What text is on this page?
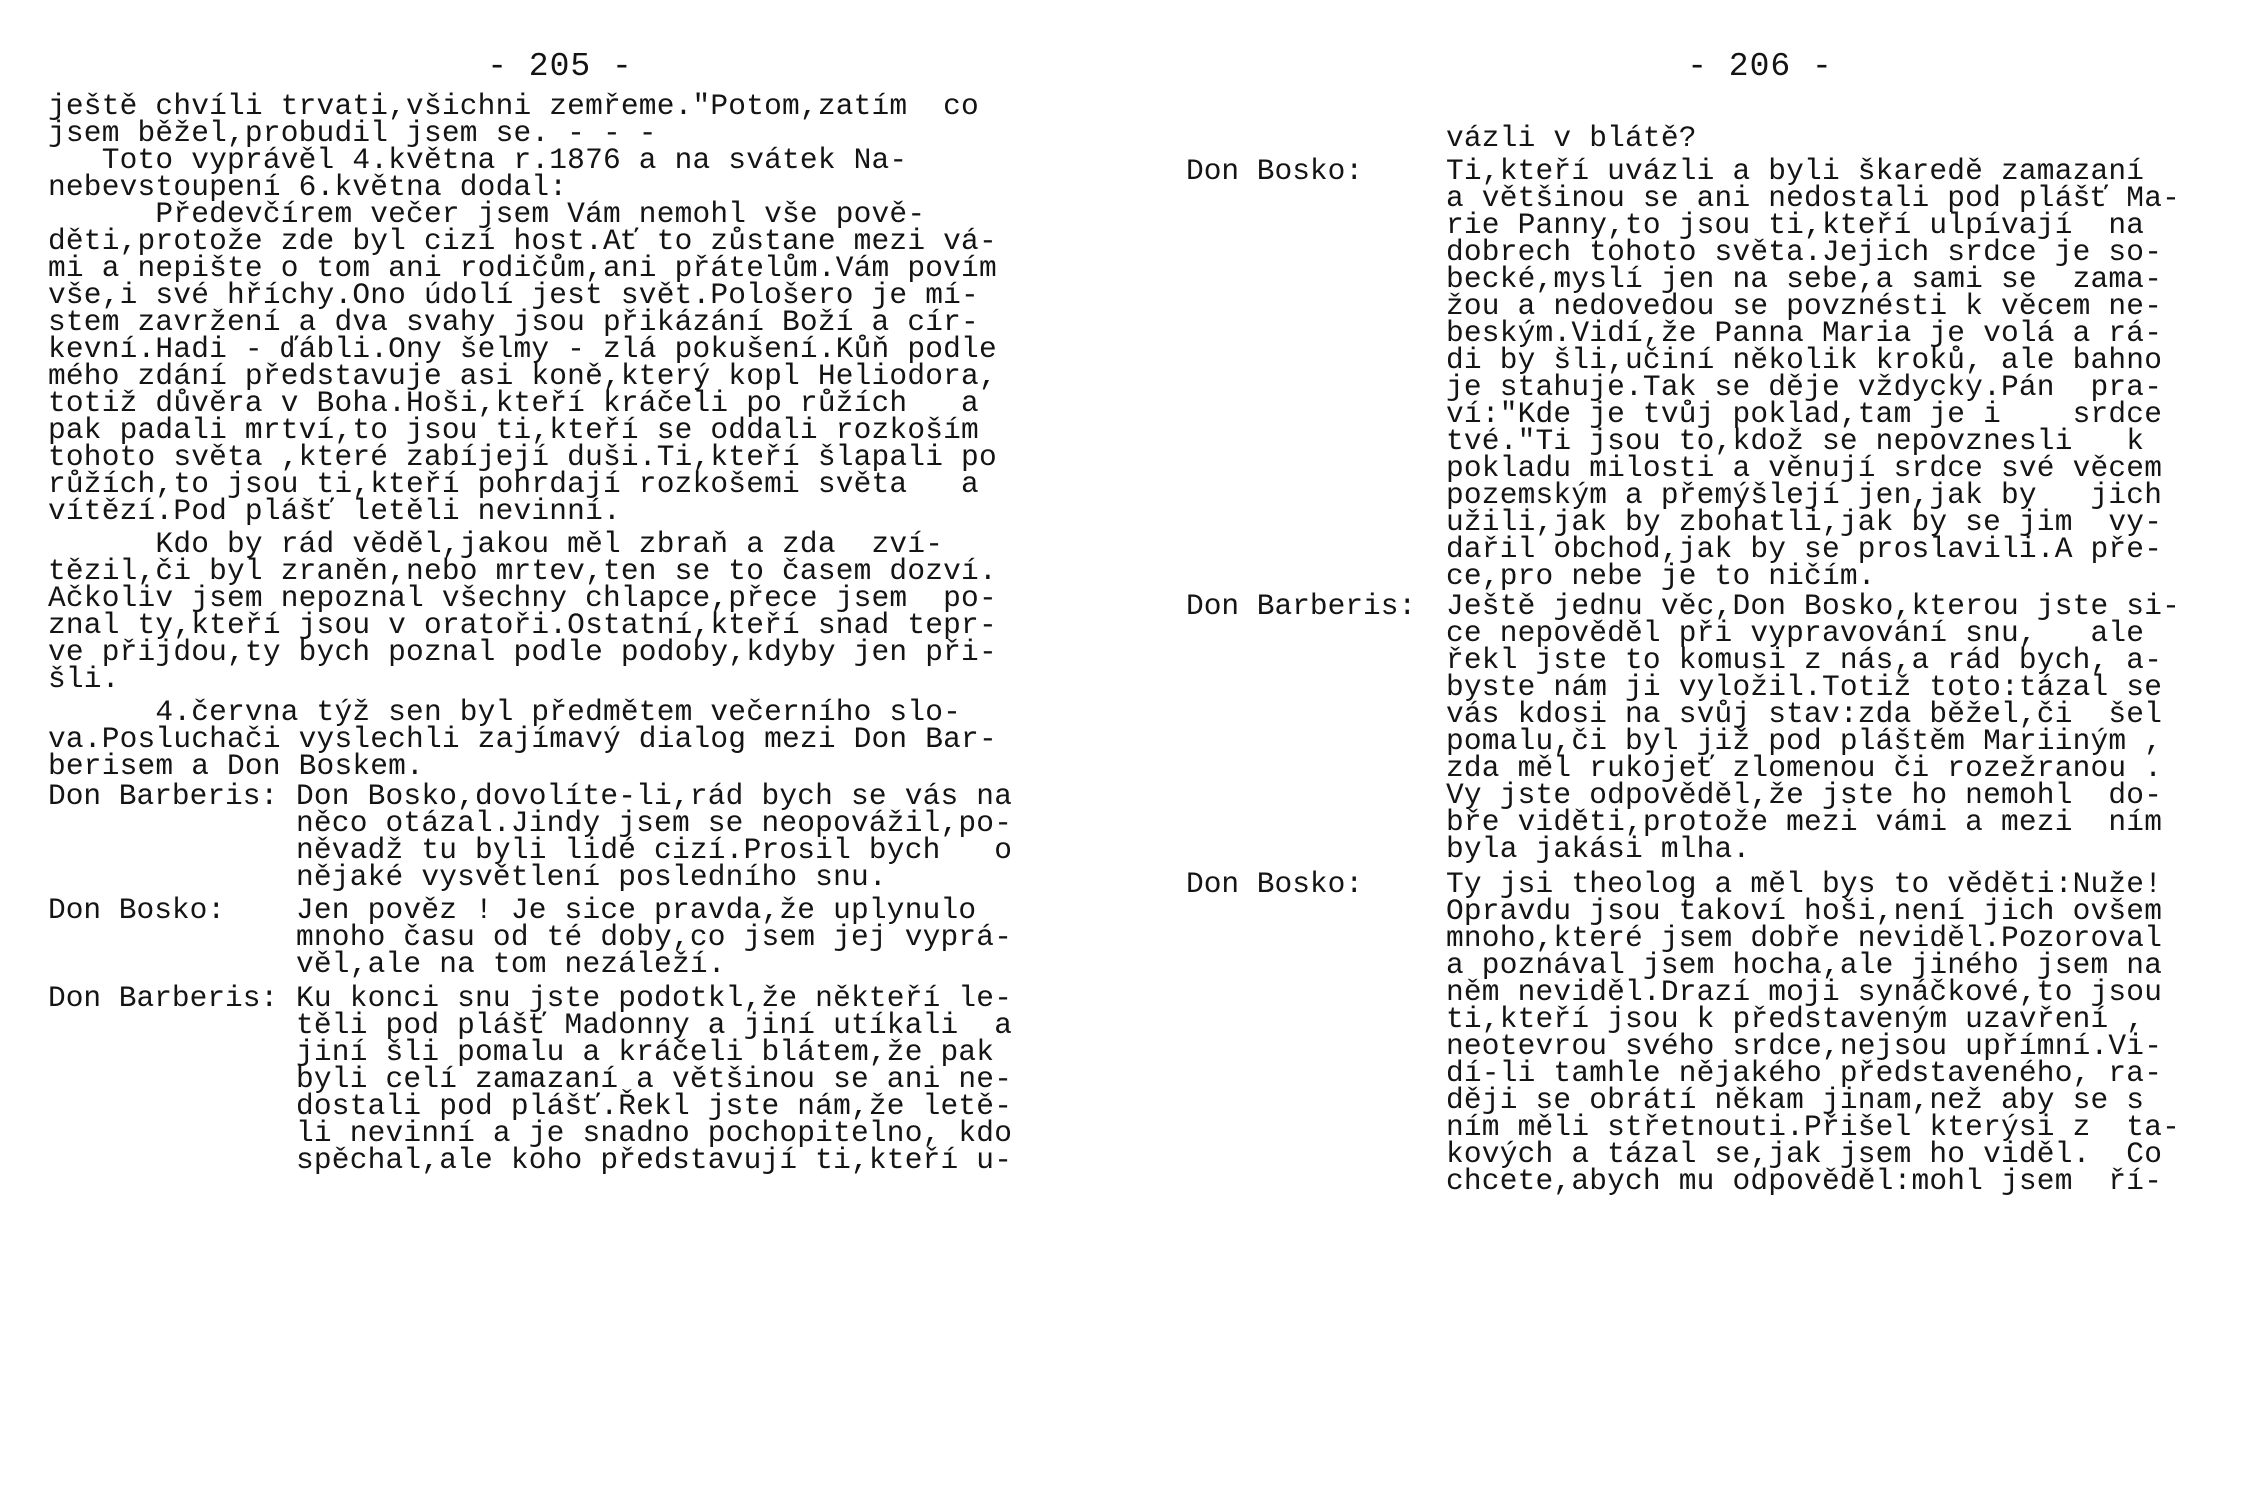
- 205 -
ještě chvíli trvati,všichni zemřeme."Potom,zatím  co
jsem běžel,probudil jsem se. - - -
Toto vyprávěl 4.května r.1876 a na svátek Na-
nebevstoupení 6.května dodal:
Předevčírem večer jsem Vám nemohl vše pově-
děti,protože zde byl cizí host.Ať to zůstane mezi vá-
mi a nepište o tom ani rodičům,ani přátelům.Vám povím
vše,i své hříchy.Ono údolí jest svět.Pološero je mí-
stem zavržení a dva svahy jsou přikázání Boží a cír-
kevní.Hadi - ďábli.Ony šelmy - zlá pokušení.Kůň podle
mého zdání představuje asi koně,který kopl Heliodora,
totiž důvěra v Boha.Hoši,kteří kráčeli po růžích   a
pak padali mrtví,to jsou ti,kteří se oddali rozkoším
tohoto světa ,které zabíjejí duši.Ti,kteří šlapali po
růžích,to jsou ti,kteří pohrdají rozkošemi světa   a
vítězí.Pod plášť letěli nevinní.
Kdo by rád věděl,jakou měl zbraň a zda  zví-
tězil,či byl zraněn,nebo mrtev,ten se to časem dozví.
Ačkoliv jsem nepoznal všechny chlapce,přece jsem  po-
znal ty,kteří jsou v oratoři.Ostatní,kteří snad tepr-
ve přijdou,ty bych poznal podle podoby,kdyby jen při-
šli.
4.června týž sen byl předmětem večerního slo-
va.Posluchači vyslechli zajímavý dialog mezi Don Bar-
berisem a Don Boskem.
Don Barberis: Don Bosko,dovolíte-li,rád bych se vás na
něco otázal.Jindy jsem se neopovážil,po-
něvadž tu byli lidé cizí.Prosil bych   o
nějaké vysvětlení posledního snu.
Don Bosko: Jen pověz ! Je sice pravda,že uplynulo
mnoho času od té doby,co jsem jej vyprá-
věl,ale na tom nezáleží.
Don Barberis: Ku konci snu jste podotkl,že někteří le-
těli pod plášť Madonny a jiní utíkali  a
jiní šli pomalu a kráčeli blátem,že pak
byli celí zamazaní a většinou se ani ne-
dostali pod plášť.Řekl jste nám,že letě-
li nevinní a je snadno pochopitelno, kdo
spěchal,ale koho představují ti,kteří u-
- 206 -
vázli v blátě?
Don Bosko:	Ti,kteří uvázli a byli škaredě zamazaní
a většinou se ani nedostali pod plášť Ma-
rie Panny,to jsou ti,kteří ulpívají  na
dobrech tohoto světa.Jejich srdce je so-
becké,myslí jen na sebe,a sami se  zama-
žou a nedovedou se povznésti k věcem ne-
beským.Vidí,že Panna Maria je volá a rá-
di by šli,učiní několik kroků, ale bahno
je stahuje.Tak se děje vždycky.Pán  pra-
ví:"Kde je tvůj poklad,tam je i    srdce
tvé."Ti jsou to,kdož se nepovznesli   k
pokladu milosti a věnují srdce své věcem
pozemským a přemýšlejí jen,jak by   jich
užili,jak by zbohatli,jak by se jim  vy-
dařil obchod,jak by se proslavili.A pře-
ce,pro nebe je to ničím.
Don Barberis: Ještě jednu věc,Don Bosko,kterou jste si-
ce nepověděl při vypravování snu,   ale
řekl jste to komusi z nás,a rád bych, a-
byste nám ji vyložil.Totiž toto:tázal se
vás kdosi na svůj stav:zda běžel,či  šel
pomalu,či byl již pod pláštěm Mariiným ,
zda měl rukojeť zlomenou či rozežranou .
Vy jste odpověděl,že jste ho nemohl  do-
bře viděti,protože mezi vámi a mezi  ním
byla jakási mlha.
Don Bosko:	Ty jsi theolog a měl bys to věděti:Nuže!
Opravdu jsou takoví hoši,není jich ovšem
mnoho,které jsem dobře neviděl.Pozoroval
a poznával jsem hocha,ale jiného jsem na
něm neviděl.Drazí moji synáčkové,to jsou
ti,kteří jsou k představeným uzavření ,
neotevrou svého srdce,nejsou upřímní.Vi-
dí-li tamhle nějakého představeného, ra-
ději se obrátí někam jinam,než aby se s
ním měli střetnouti.Přišel kterýsi z  ta-
kových a tázal se,jak jsem ho viděl.  Co
chcete,abych mu odpověděl:mohl jsem  ří-
